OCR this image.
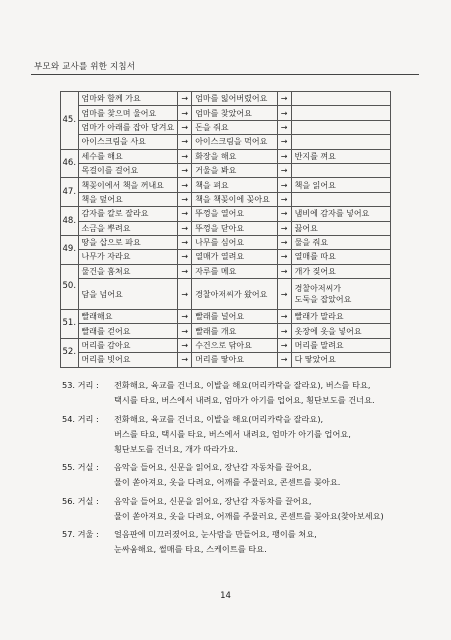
부모와 교사를 위한 지침서
45.	엄마와 함께 가요	→	엄마를 잃어버렸어요	→	
	엄마를 찾으며 울어요	→	엄마를 찾았어요	→	
	엄마가 아래를 잡아 당겨요	→	돈을 줘요	→	
	아이스크림을 사요	→	아이스크림을 먹어요	→	
46.	세수를 해요	→	화장을 해요	→	반지를 껴요
	목걸이를 걸어요	→	거울을 봐요	→	
47.	책꽂이에서 책을 꺼내요	→	책을 펴요	→	책을 읽어요
	책을 덮어요	→	책을 책꽂이에 꽂아요	→	
48.	감자를 칼로 잘라요	→	뚜껑을 열어요	→	냄비에 감자를 넣어요
	소금을 뿌려요	→	뚜껑을 닫아요	→	끓어요
49.	땅을 삽으로 파요	→	나무를 심어요	→	물을 줘요
	나무가 자라요	→	열매가 열려요	→	열매를 따요
50.	물건을 훔쳐요	→	자루를 메요	→	개가 짖어요
	담을 넘어요	→	경찰아저씨가 왔어요	→	경찰아저씨가
도둑을 잡았어요

51.	빨래해요	→	빨래를 널어요	→	빨래가 말라요
	빨래를 걷어요	→	빨래를 개요	→	옷장에 옷을 넣어요
52.	머리를 감아요	→	수건으로 닦아요	→	머리를 말려요
	머리를 빗어요	→	머리를 땋아요	→	다 땋았어요
53. 거리 : 전화해요, 육교를 건너요, 이발을 해요(머리카락을 잘라요), 버스를 타요,
택시를 타요, 버스에서 내려요, 엄마가 아기를 업어요, 횡단보도를 건너요.
54. 거리 : 전화해요, 육교를 건너요, 이발을 해요(머리카락을 잘라요),
버스를 타요, 택시를 타요, 버스에서 내려요, 엄마가 아기를 업어요,
횡단보도를 건너요, 개가 따라가요.
55. 거실 : 음악을 들어요, 신문을 읽어요, 장난감 자동차를 끌어요,
물이 쏟아져요, 옷을 다려요, 어깨를 주물러요, 콘센트를 꽂아요.
56. 거실 : 음악을 들어요, 신문을 읽어요, 장난감 자동차를 끌어요,
물이 쏟아져요, 옷을 다려요, 어깨를 주물러요, 콘센트를 꽂아요(찾아보세요)
57. 겨울 : 얼음판에 미끄러졌어요, 눈사람을 만들어요, 팽이를 쳐요,
눈싸움해요, 썰매를 타요, 스케이트를 타요.
14
